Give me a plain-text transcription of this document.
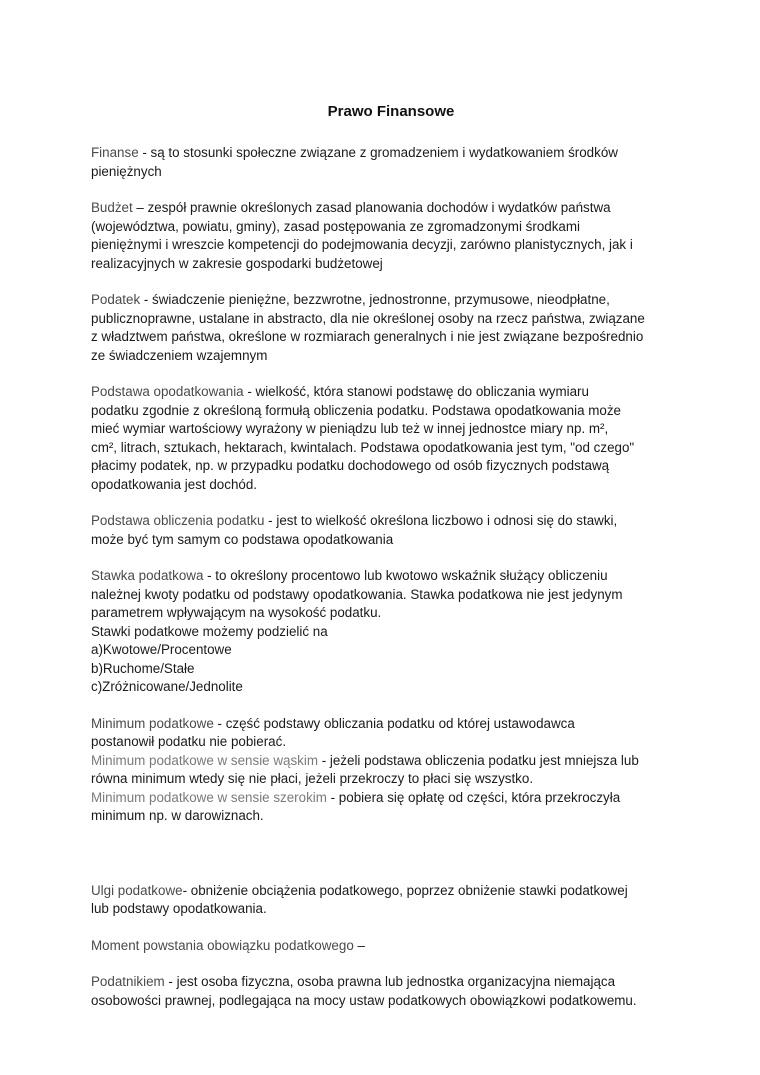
Prawo Finansowe
Finanse - są to stosunki społeczne związane z gromadzeniem i wydatkowaniem środków
pieniężnych
Budżet – zespół prawnie określonych zasad planowania dochodów i wydatków państwa
(województwa, powiatu, gminy), zasad postępowania ze zgromadzonymi środkami
pieniężnymi i wreszcie kompetencji do podejmowania decyzji, zarówno planistycznych, jak i
realizacyjnych w zakresie gospodarki budżetowej
Podatek - świadczenie pieniężne, bezzwrotne, jednostronne, przymusowe, nieodpłatne,
publicznoprawne, ustalane in abstracto, dla nie określonej osoby na rzecz państwa, związane
z władztwem państwa, określone w rozmiarach generalnych i nie jest związane bezpośrednio
ze świadczeniem wzajemnym
Podstawa opodatkowania - wielkość, która stanowi podstawę do obliczania wymiaru
podatku zgodnie z określoną formułą obliczenia podatku. Podstawa opodatkowania może
mieć wymiar wartościowy wyrażony w pieniądzu lub też w innej jednostce miary np. m²,
cm², litrach, sztukach, hektarach, kwintalach. Podstawa opodatkowania jest tym, "od czego"
płacimy podatek, np. w przypadku podatku dochodowego od osób fizycznych podstawą
opodatkowania jest dochód.
Podstawa obliczenia podatku - jest to wielkość określona liczbowo i odnosi się do stawki,
może być tym samym co podstawa opodatkowania
Stawka podatkowa - to określony procentowo lub kwotowo wskaźnik służący obliczeniu
należnej kwoty podatku od podstawy opodatkowania. Stawka podatkowa nie jest jedynym
parametrem wpływającym na wysokość podatku.
Stawki podatkowe możemy podzielić na
a)Kwotowe/Procentowe
b)Ruchome/Stałe
c)Zróżnicowane/Jednolite
Minimum podatkowe - część podstawy obliczania podatku od której ustawodawca
postanowił podatku nie pobierać.
Minimum podatkowe w sensie wąskim - jeżeli podstawa obliczenia podatku jest mniejsza lub
równa minimum wtedy się nie płaci, jeżeli przekroczy to płaci się wszystko.
Minimum podatkowe w sensie szerokim - pobiera się opłatę od części, która przekroczyła
minimum np. w darowiznach.
Ulgi podatkowe- obniżenie obciążenia podatkowego, poprzez obniżenie stawki podatkowej
lub podstawy opodatkowania.
Moment powstania obowiązku podatkowego –
Podatnikiem - jest osoba fizyczna, osoba prawna lub jednostka organizacyjna niemająca
osobowości prawnej, podlegająca na mocy ustaw podatkowych obowiązkowi podatkowemu.
